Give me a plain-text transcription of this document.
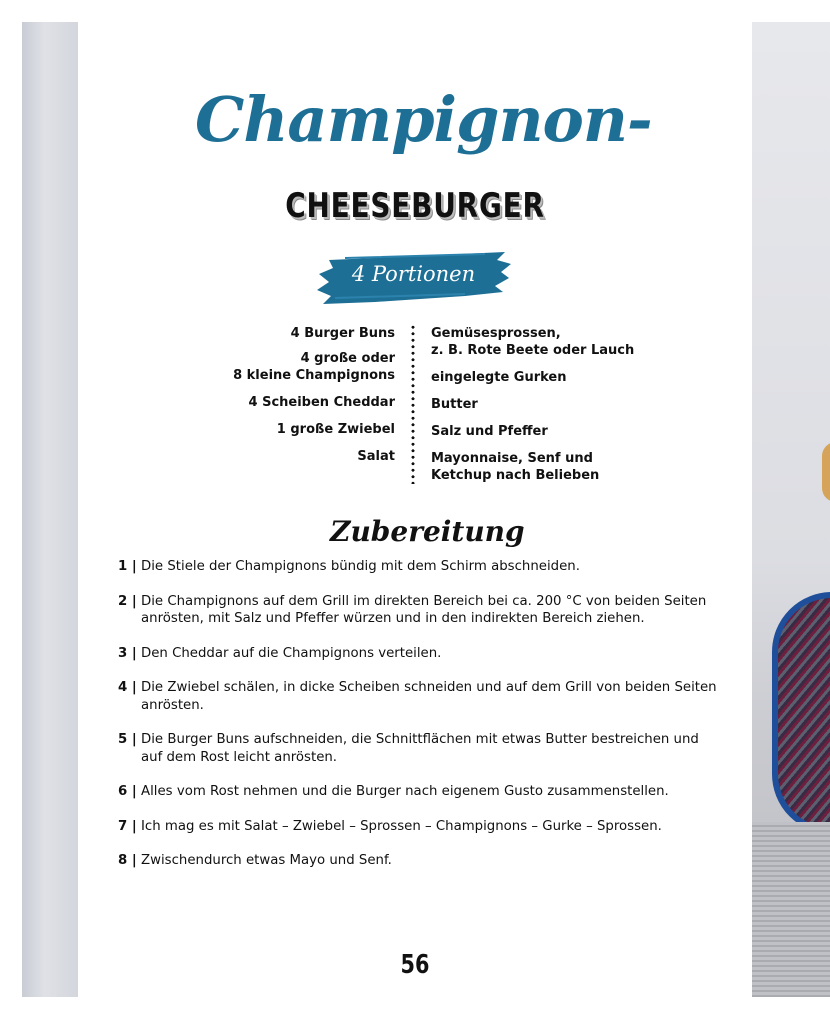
Champignon-
CHEESEBURGER
4 Portionen
4 Burger Buns
4 große oder
8 kleine Champignons
4 Scheiben Cheddar
1 große Zwiebel
Salat
Gemüsesprossen,
z. B. Rote Beete oder Lauch
eingelegte Gurken
Butter
Salz und Pfeffer
Mayonnaise, Senf und
Ketchup nach Belieben
Zubereitung
1 | Die Stiele der Champignons bündig mit dem Schirm abschneiden.
2 | Die Champignons auf dem Grill im direkten Bereich bei ca. 200 °C von beiden Seiten anrösten, mit Salz und Pfeffer würzen und in den indirekten Bereich ziehen.
3 | Den Cheddar auf die Champignons verteilen.
4 | Die Zwiebel schälen, in dicke Scheiben schneiden und auf dem Grill von beiden Seiten anrösten.
5 | Die Burger Buns aufschneiden, die Schnittflächen mit etwas Butter bestreichen und auf dem Rost leicht anrösten.
6 | Alles vom Rost nehmen und die Burger nach eigenem Gusto zusammenstellen.
7 | Ich mag es mit Salat – Zwiebel – Sprossen – Champignons – Gurke – Sprossen.
8 | Zwischendurch etwas Mayo und Senf.
56
